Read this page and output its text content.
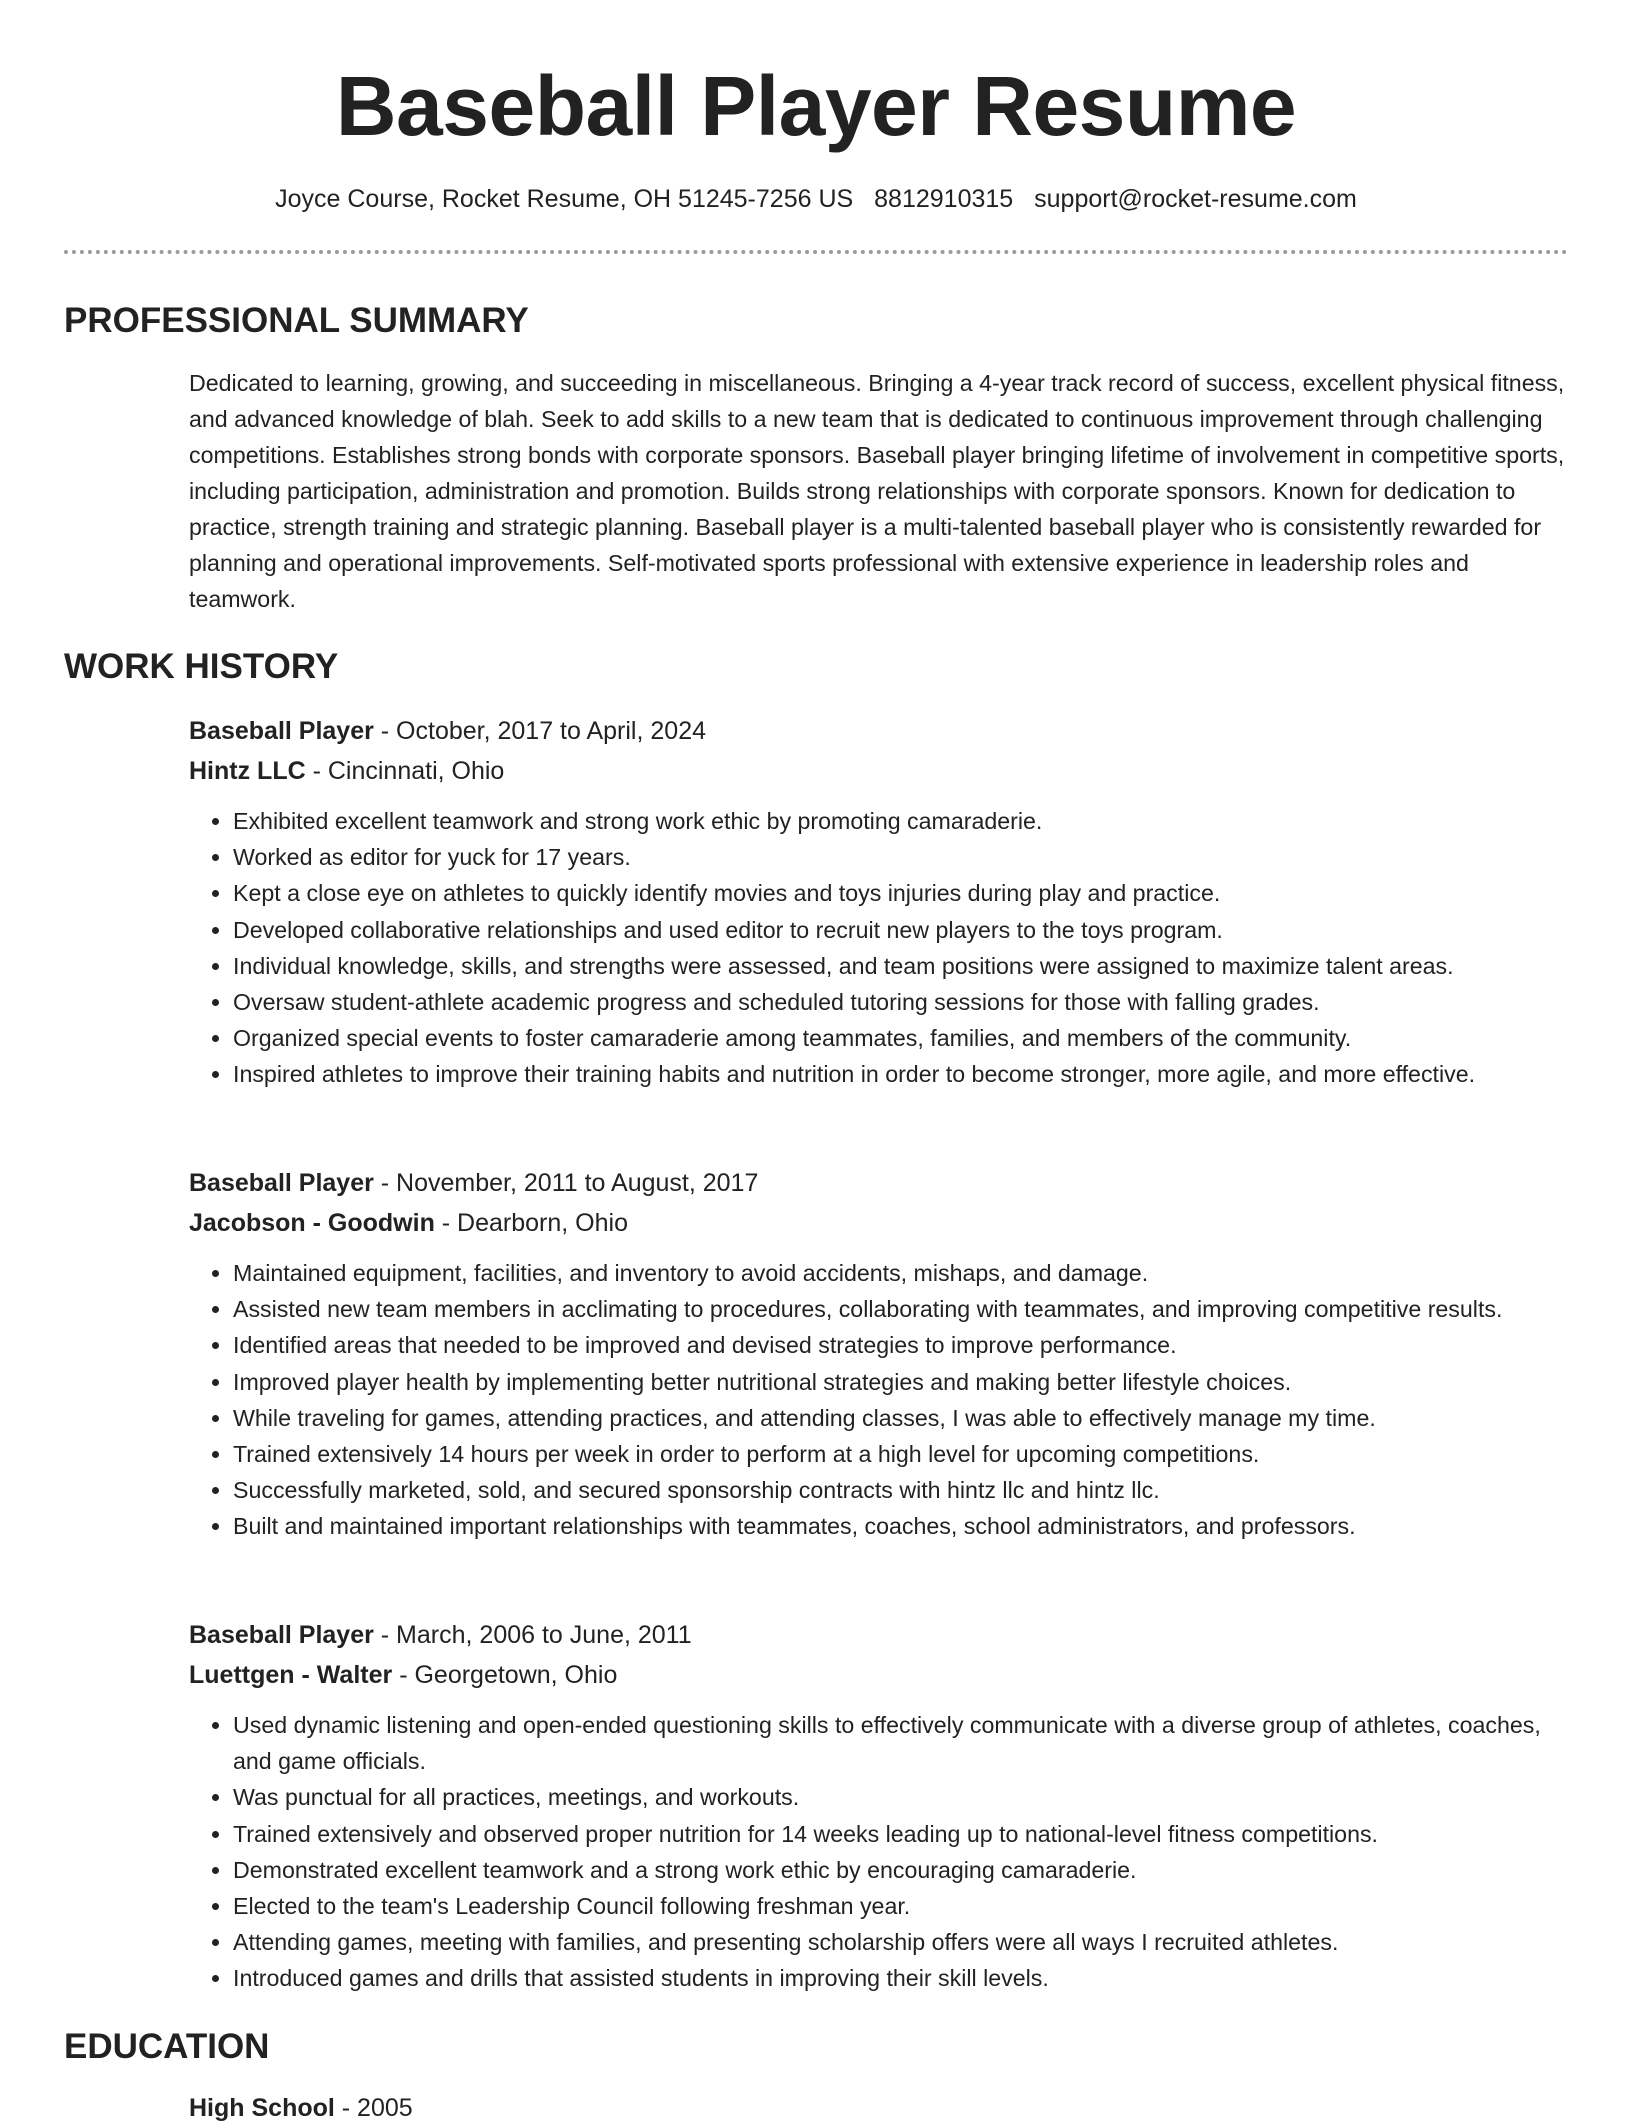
Baseball Player Resume
Joyce Course, Rocket Resume, OH 51245-7256 US 8812910315 support@rocket-resume.com
PROFESSIONAL SUMMARY

Dedicated to learning, growing, and succeeding in miscellaneous. Bringing a 4-year track record of success, excellent physical fitness, and advanced knowledge of blah. Seek to add skills to a new team that is dedicated to continuous improvement through challenging competitions. Establishes strong bonds with corporate sponsors. Baseball player bringing lifetime of involvement in competitive sports, including participation, administration and promotion. Builds strong relationships with corporate sponsors. Known for dedication to practice, strength training and strategic planning. Baseball player is a multi-talented baseball player who is consistently rewarded for planning and operational improvements. Self-motivated sports professional with extensive experience in leadership roles and teamwork.

WORK HISTORY
Baseball Player - October, 2017 to April, 2024
Hintz LLC - Cincinnati, Ohio
• Exhibited excellent teamwork and strong work ethic by promoting camaraderie.
• Worked as editor for yuck for 17 years.
• Kept a close eye on athletes to quickly identify movies and toys injuries during play and practice.
• Developed collaborative relationships and used editor to recruit new players to the toys program.
• Individual knowledge, skills, and strengths were assessed, and team positions were assigned to maximize talent areas.
• Oversaw student-athlete academic progress and scheduled tutoring sessions for those with falling grades.
• Organized special events to foster camaraderie among teammates, families, and members of the community.
• Inspired athletes to improve their training habits and nutrition in order to become stronger, more agile, and more effective.
Baseball Player - November, 2011 to August, 2017
Jacobson - Goodwin - Dearborn, Ohio
• Maintained equipment, facilities, and inventory to avoid accidents, mishaps, and damage.
• Assisted new team members in acclimating to procedures, collaborating with teammates, and improving competitive results.
• Identified areas that needed to be improved and devised strategies to improve performance.
• Improved player health by implementing better nutritional strategies and making better lifestyle choices.
• While traveling for games, attending practices, and attending classes, I was able to effectively manage my time.
• Trained extensively 14 hours per week in order to perform at a high level for upcoming competitions.
• Successfully marketed, sold, and secured sponsorship contracts with hintz llc and hintz llc.
• Built and maintained important relationships with teammates, coaches, school administrators, and professors.
Baseball Player - March, 2006 to June, 2011
Luettgen - Walter - Georgetown, Ohio
• Used dynamic listening and open-ended questioning skills to effectively communicate with a diverse group of athletes, coaches, and game officials.
• Was punctual for all practices, meetings, and workouts.
• Trained extensively and observed proper nutrition for 14 weeks leading up to national-level fitness competitions.
• Demonstrated excellent teamwork and a strong work ethic by encouraging camaraderie.
• Elected to the team's Leadership Council following freshman year.
• Attending games, meeting with families, and presenting scholarship offers were all ways I recruited athletes.
• Introduced games and drills that assisted students in improving their skill levels.
EDUCATION
High School - 2005
